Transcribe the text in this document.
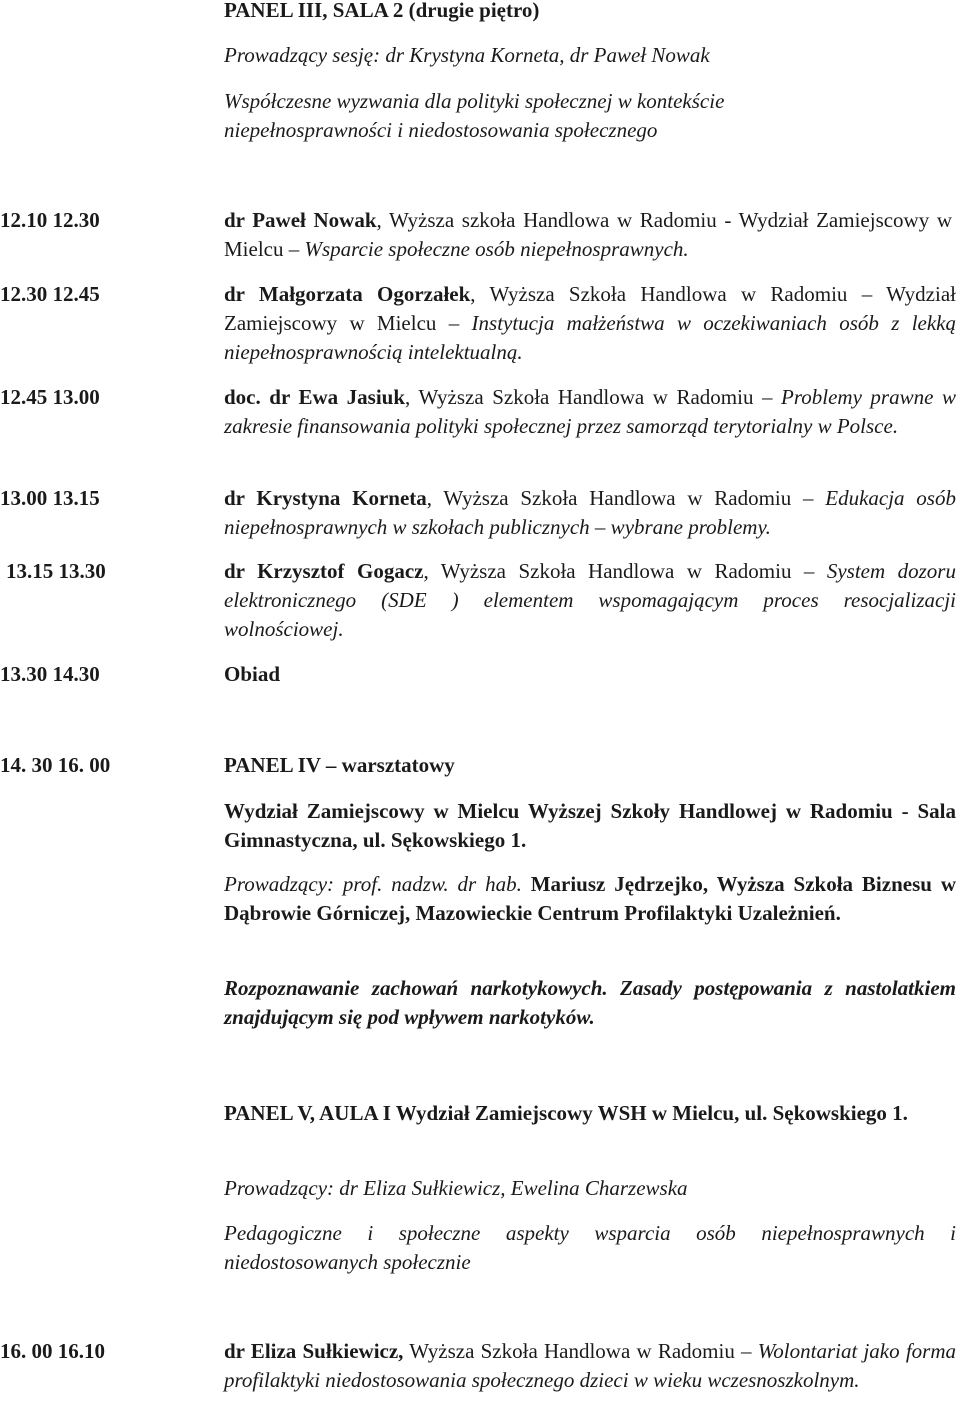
PANEL III, SALA 2 (drugie piętro)
Prowadzący sesję: dr Krystyna Korneta, dr Paweł Nowak
Współczesne wyzwania dla polityki społecznej w kontekście
niepełnosprawności i niedostosowania społecznego
12.10 12.30	dr Paweł Nowak, Wyższa szkoła Handlowa w Radomiu - Wydział Zamiejscowy w Mielcu – Wsparcie społeczne osób niepełnosprawnych.
12.30 12.45	dr Małgorzata Ogorzałek, Wyższa Szkoła Handlowa w Radomiu – Wydział Zamiejscowy w Mielcu – Instytucja małżeństwa w oczekiwaniach osób z lekką niepełnosprawnością intelektualną.
12.45 13.00	doc. dr Ewa Jasiuk, Wyższa Szkoła Handlowa w Radomiu – Problemy prawne w zakresie finansowania polityki społecznej przez samorząd terytorialny w Polsce.
13.00 13.15	dr Krystyna Korneta, Wyższa Szkoła Handlowa w Radomiu – Edukacja osób niepełnosprawnych w szkołach publicznych – wybrane problemy.
13.15 13.30	dr Krzysztof Gogacz, Wyższa Szkoła Handlowa w Radomiu – System dozoru elektronicznego (SDE ) elementem wspomagającym proces resocjalizacji wolnościowej.
13.30 14.30	Obiad
14. 30 16. 00	PANEL IV – warsztatowy
Wydział Zamiejscowy w Mielcu Wyższej Szkoły Handlowej w Radomiu - Sala Gimnastyczna, ul. Sękowskiego 1.
Prowadzący: prof. nadzw. dr hab. Mariusz Jędrzejko, Wyższa Szkoła Biznesu w Dąbrowie Górniczej, Mazowieckie Centrum Profilaktyki Uzależnień.
Rozpoznawanie zachowań narkotykowych. Zasady postępowania z nastolatkiem znajdującym się pod wpływem narkotyków.
PANEL V, AULA I Wydział Zamiejscowy WSH w Mielcu, ul. Sękowskiego 1.
Prowadzący: dr Eliza Sułkiewicz, Ewelina Charzewska
Pedagogiczne i społeczne aspekty wsparcia osób niepełnosprawnych i niedostosowanych społecznie
16. 00 16.10	dr Eliza Sułkiewicz, Wyższa Szkoła Handlowa w Radomiu – Wolontariat jako forma profilaktyki niedostosowania społecznego dzieci w wieku wczesnoszkolnym.
